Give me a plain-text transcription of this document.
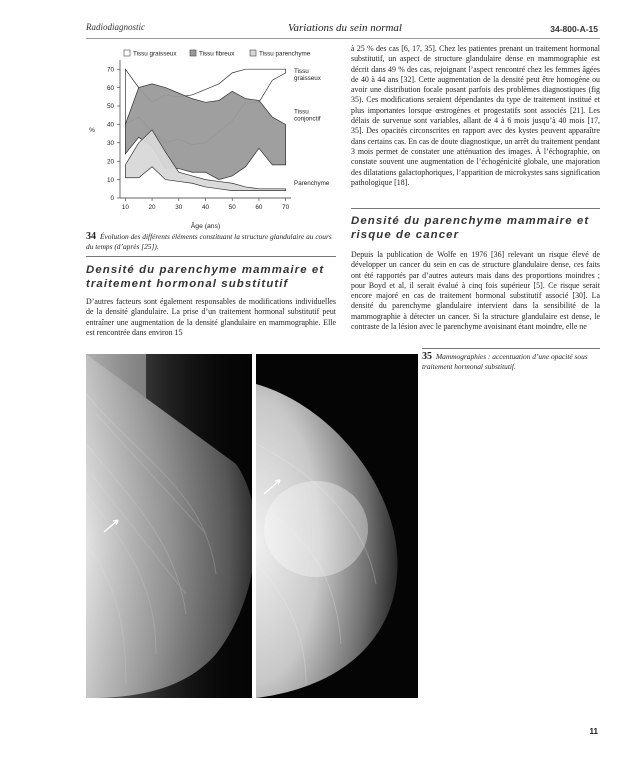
Radiodiagnostic	Variations du sein normal	34-800-A-15
Tissu graisseux	Tissu fibreux	Tissu parenchyme
0
10
20
30
40
50
60
70
10	20	30	40	50	60	70
%
Âge (ans)
Tissu
graisseux
Tissu
conjonctif
Parenchyme
34 Évolution des différents éléments constituant la structure glandulaire au cours du temps (d’après [25]).
Densité du parenchyme mammaire et traitement hormonal substitutif
D’autres facteurs sont également responsables de modifications individuelles de la densité glandulaire. La prise d’un traitement hormonal substitutif peut entraîner une augmentation de la densité glandulaire en mammographie. Elle est rencontrée dans environ 15
à 25 % des cas [6, 17, 35]. Chez les patientes prenant un traitement hormonal substitutif, un aspect de structure glandulaire dense en mammographie est décrit dans 49 % des cas, rejoignant l’aspect rencontré chez les femmes âgées de 40 à 44 ans [32]. Cette augmentation de la densité peut être homogène ou avoir une distribution focale posant parfois des problèmes diagnostiques (fig 35). Ces modifications seraient dépendantes du type de traitement institué et plus importantes lorsque œstrogènes et progestatifs sont associés [21]. Les délais de survenue sont variables, allant de 4 à 6 mois jusqu’à 40 mois [17, 35]. Des opacités circonscrites en rapport avec des kystes peuvent apparaître dans certains cas. En cas de doute diagnostique, un arrêt du traitement pendant 3 mois permet de constater une atténuation des images. À l’échographie, on constate souvent une augmentation de l’échogénicité globale, une majoration des dilatations galactophoriques, l’apparition de microkystes sans signification pathologique [18].
Densité du parenchyme mammaire et risque de cancer
Depuis la publication de Wolfe en 1976 [36] relevant un risque élevé de développer un cancer du sein en cas de structure glandulaire dense, ces faits ont été rapportés par d’autres auteurs mais dans des proportions moindres ; pour Boyd et al, il serait évalué à cinq fois supérieur [5]. Ce risque serait encore majoré en cas de traitement hormonal substitutif associé [30]. La densité du parenchyme glandulaire intervient dans la sensibilité de la mammographie à détecter un cancer. Si la structure glandulaire est dense, le contraste de la lésion avec le parenchyme avoisinant étant moindre, elle ne
35 Mammographies : accentuation d’une opacité sous traitement hormonal substitutif.
11
